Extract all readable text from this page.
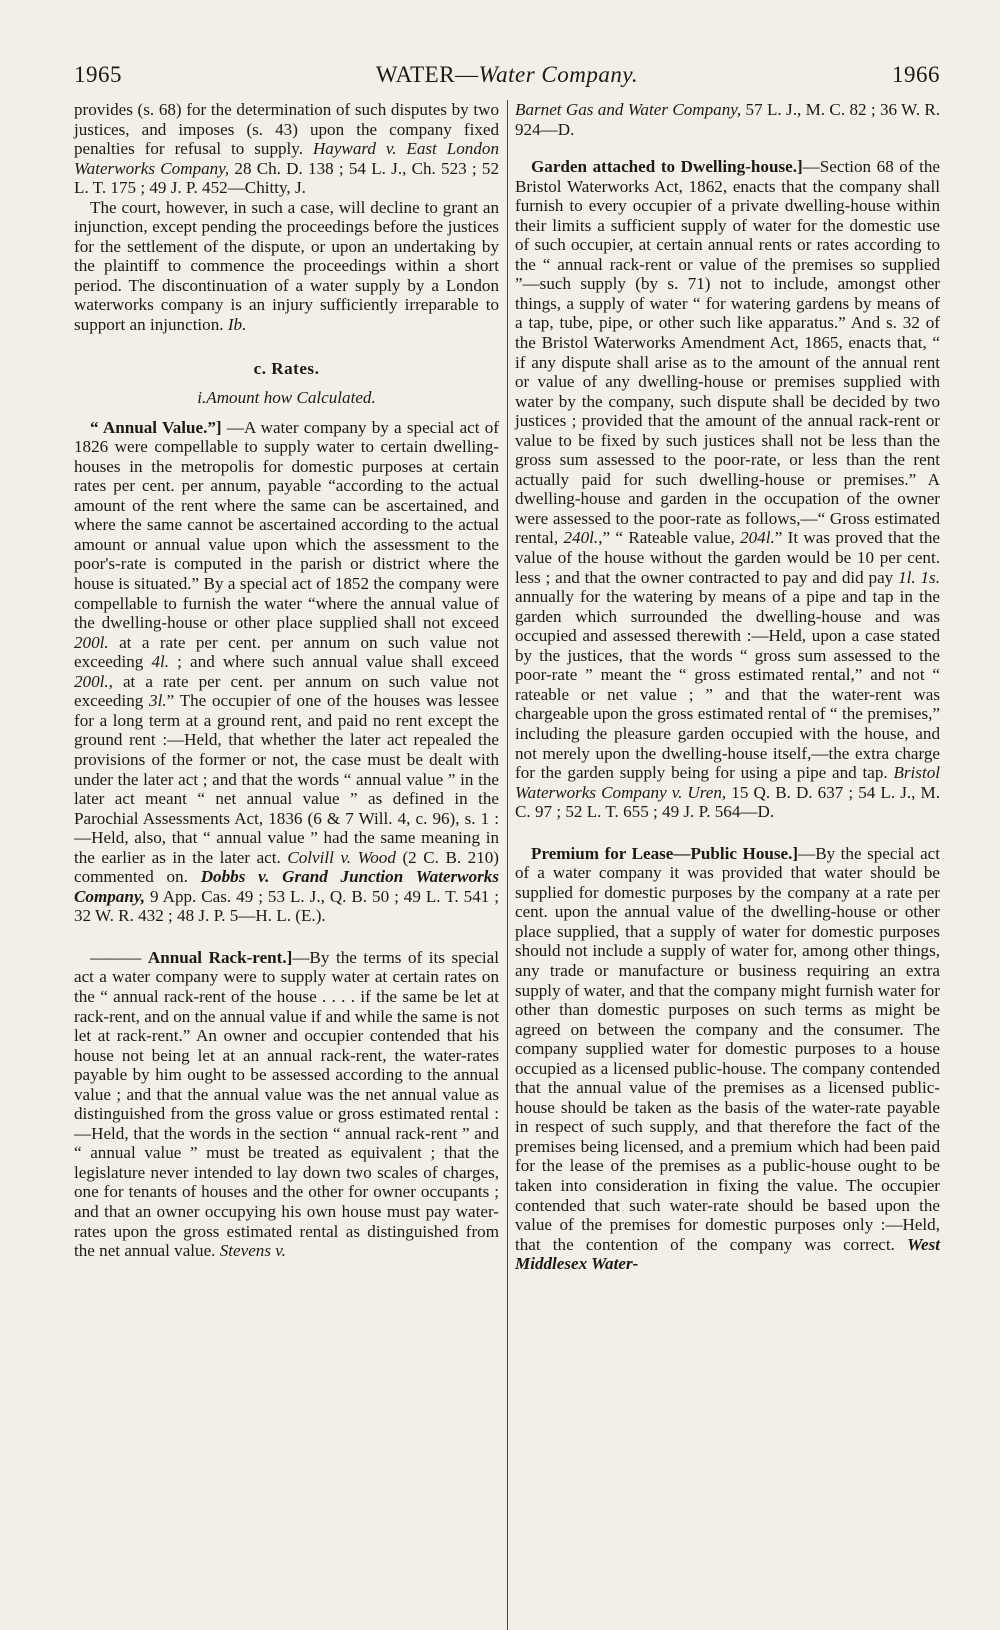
1965	WATER—Water Company.	1966

provides (s. 68) for the determination of such disputes by two justices, and imposes (s. 43) upon the company fixed penalties for refusal to supply. Hayward v. East London Waterworks Company, 28 Ch. D. 138 ; 54 L. J., Ch. 523 ; 52 L. T. 175 ; 49 J. P. 452—Chitty, J.

The court, however, in such a case, will decline to grant an injunction, except pending the proceedings before the justices for the settlement of the dispute, or upon an undertaking by the plaintiff to commence the proceedings within a short period. The discontinuation of a water supply by a London waterworks company is an injury sufficiently irreparable to support an injunction. Ib.

c. Rates.

i.Amount how Calculated.

“ Annual Value.”] —A water company by a special act of 1826 were compellable to supply water to certain dwelling-houses in the metropolis for domestic purposes at certain rates per cent. per annum, payable “according to the actual amount of the rent where the same can be ascertained, and where the same cannot be ascertained according to the actual amount or annual value upon which the assessment to the poor's-rate is computed in the parish or district where the house is situated.” By a special act of 1852 the company were compellable to furnish the water “where the annual value of the dwelling-house or other place supplied shall not exceed 200l. at a rate per cent. per annum on such value not exceeding 4l. ; and where such annual value shall exceed 200l., at a rate per cent. per annum on such value not exceeding 3l.” The occupier of one of the houses was lessee for a long term at a ground rent, and paid no rent except the ground rent :—Held, that whether the later act repealed the provisions of the former or not, the case must be dealt with under the later act ; and that the words “ annual value ” in the later act meant “ net annual value ” as defined in the Parochial Assessments Act, 1836 (6 & 7 Will. 4, c. 96), s. 1 :—Held, also, that “ annual value ” had the same meaning in the earlier as in the later act. Colvill v. Wood (2 C. B. 210) commented on. Dobbs v. Grand Junction Waterworks Company, 9 App. Cas. 49 ; 53 L. J., Q. B. 50 ; 49 L. T. 541 ; 32 W. R. 432 ; 48 J. P. 5—H. L. (E.).

——— Annual Rack-rent.]—By the terms of its special act a water company were to supply water at certain rates on the “ annual rack-rent of the house . . . . if the same be let at rack-rent, and on the annual value if and while the same is not let at rack-rent.” An owner and occupier contended that his house not being let at an annual rack-rent, the water-rates payable by him ought to be assessed according to the annual value ; and that the annual value was the net annual value as distinguished from the gross value or gross estimated rental :—Held, that the words in the section “ annual rack-rent ” and “ annual value ” must be treated as equivalent ; that the legislature never intended to lay down two scales of charges, one for tenants of houses and the other for owner occupants ; and that an owner occupying his own house must pay water-rates upon the gross estimated rental as distinguished from the net annual value. Stevens v.

Barnet Gas and Water Company, 57 L. J., M. C. 82 ; 36 W. R. 924—D.

Garden attached to Dwelling-house.]—Section 68 of the Bristol Waterworks Act, 1862, enacts that the company shall furnish to every occupier of a private dwelling-house within their limits a sufficient supply of water for the domestic use of such occupier, at certain annual rents or rates according to the “ annual rack-rent or value of the premises so supplied ”—such supply (by s. 71) not to include, amongst other things, a supply of water “ for watering gardens by means of a tap, tube, pipe, or other such like apparatus.” And s. 32 of the Bristol Waterworks Amendment Act, 1865, enacts that, “ if any dispute shall arise as to the amount of the annual rent or value of any dwelling-house or premises supplied with water by the company, such dispute shall be decided by two justices ; provided that the amount of the annual rack-rent or value to be fixed by such justices shall not be less than the gross sum assessed to the poor-rate, or less than the rent actually paid for such dwelling-house or premises.” A dwelling-house and garden in the occupation of the owner were assessed to the poor-rate as follows,—“ Gross estimated rental, 240l.,” “ Rateable value, 204l.” It was proved that the value of the house without the garden would be 10 per cent. less ; and that the owner contracted to pay and did pay 1l. 1s. annually for the watering by means of a pipe and tap in the garden which surrounded the dwelling-house and was occupied and assessed therewith :—Held, upon a case stated by the justices, that the words “ gross sum assessed to the poor-rate ” meant the “ gross estimated rental,” and not “ rateable or net value ; ” and that the water-rent was chargeable upon the gross estimated rental of “ the premises,” including the pleasure garden occupied with the house, and not merely upon the dwelling-house itself,—the extra charge for the garden supply being for using a pipe and tap. Bristol Waterworks Company v. Uren, 15 Q. B. D. 637 ; 54 L. J., M. C. 97 ; 52 L. T. 655 ; 49 J. P. 564—D.

Premium for Lease—Public House.]—By the special act of a water company it was provided that water should be supplied for domestic purposes by the company at a rate per cent. upon the annual value of the dwelling-house or other place supplied, that a supply of water for domestic purposes should not include a supply of water for, among other things, any trade or manufacture or business requiring an extra supply of water, and that the company might furnish water for other than domestic purposes on such terms as might be agreed on between the company and the consumer. The company supplied water for domestic purposes to a house occupied as a licensed public-house. The company contended that the annual value of the premises as a licensed public-house should be taken as the basis of the water-rate payable in respect of such supply, and that therefore the fact of the premises being licensed, and a premium which had been paid for the lease of the premises as a public-house ought to be taken into consideration in fixing the value. The occupier contended that such water-rate should be based upon the value of the premises for domestic purposes only :—Held, that the contention of the company was correct. West Middlesex Water-
